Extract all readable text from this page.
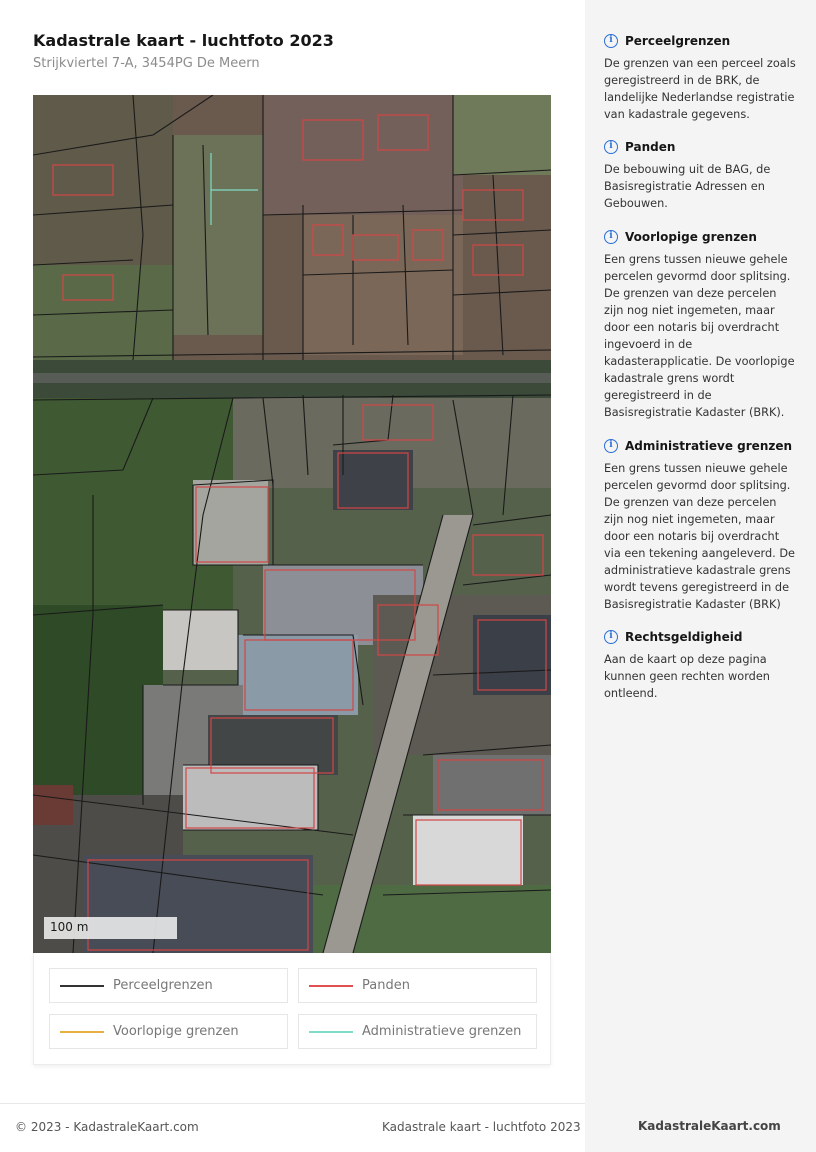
Kadastrale kaart - luchtfoto 2023
Strijkviertel 7-A, 3454PG De Meern
100 m
Perceelgrenzen	Panden
Voorlopige grenzen	Administratieve grenzen
© 2023 - KadastraleKaart.com	Kadastrale kaart - luchtfoto 2023
i	Perceelgrenzen
De grenzen van een perceel zoals geregistreerd in de BRK, de landelijke Nederlandse registratie van kadastrale gegevens.
i	Panden
De bebouwing uit de BAG, de Basisregistratie Adressen en Gebouwen.
i	Voorlopige grenzen
Een grens tussen nieuwe gehele percelen gevormd door splitsing. De grenzen van deze percelen zijn nog niet ingemeten, maar door een notaris bij overdracht ingevoerd in de kadasterapplicatie. De voorlopige kadastrale grens wordt geregistreerd in de Basisregistratie Kadaster (BRK).
i	Administratieve grenzen
Een grens tussen nieuwe gehele percelen gevormd door splitsing. De grenzen van deze percelen zijn nog niet ingemeten, maar door een notaris bij overdracht via een tekening aangeleverd. De administratieve kadastrale grens wordt tevens geregistreerd in de Basisregistratie Kadaster (BRK)
i	Rechtsgeldigheid
Aan de kaart op deze pagina kunnen geen rechten worden ontleend.
KadastraleKaart.com
